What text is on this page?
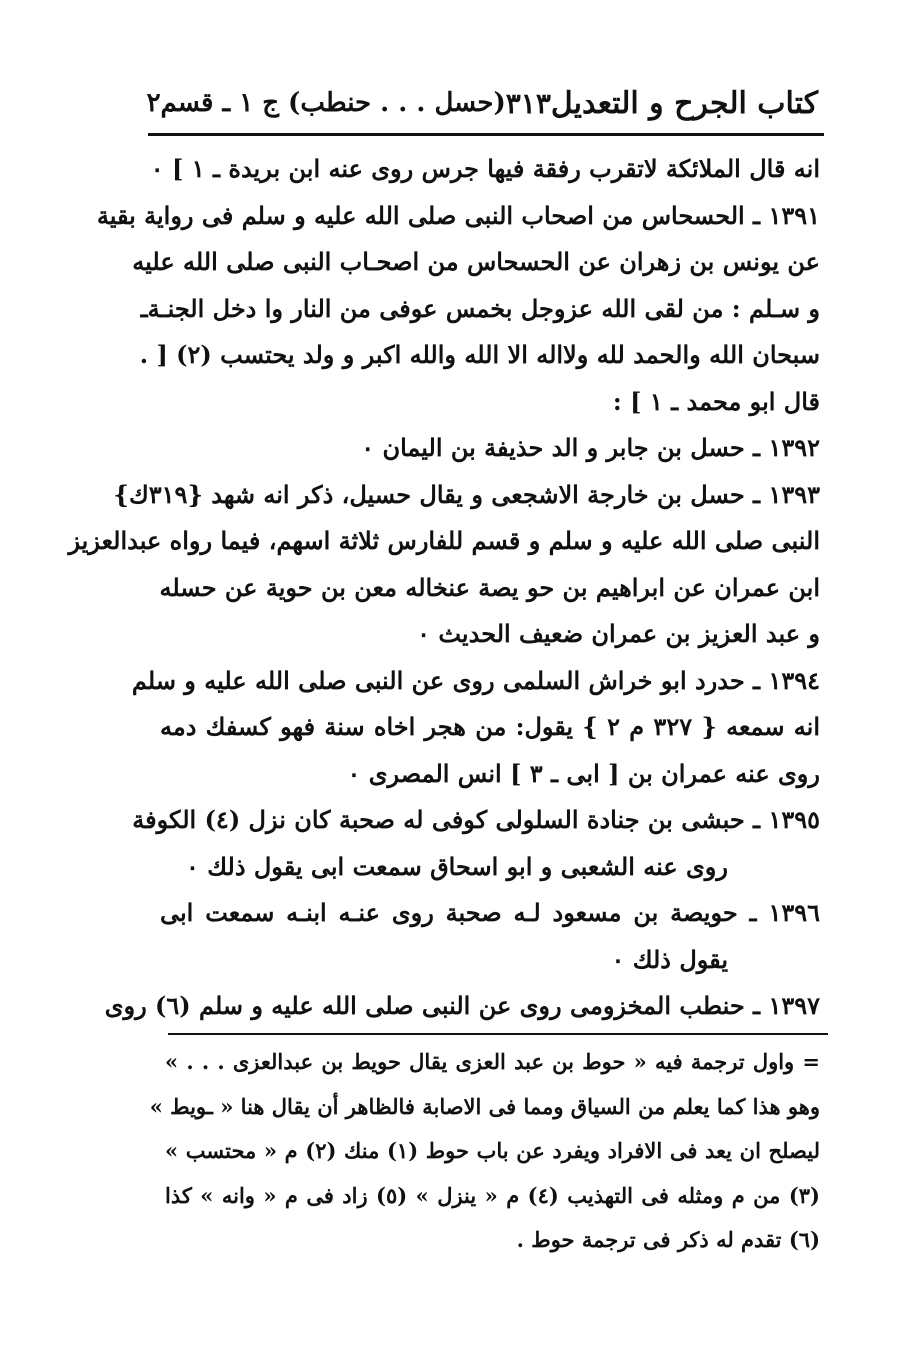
كتاب الجرح و التعديل
٣١٣
(حسل . . . حنطب) ج ١ ـ قسم٢
انه قال الملائكة لاتقرب رفقة فيها جرس روى عنه ابن بريدة ـ ١ ] ٠
١٣٩١ ـ الحسحاس من اصحاب النبى صلى الله عليه و سلم فى رواية بقية
عن يونس بن زهران عن الحسحاس من اصحـاب النبى صلى الله عليه
و سـلم : من لقى الله عزوجل بخمس عوفى من النار وا دخل الجنـةـ
سبحان الله والحمد لله ولااله الا الله والله اكبر و ولد يحتسب (٢) [ .
قال ابو محمد ـ ١ ] :
١٣٩٢ ـ حسل بن جابر و الد حذيفة بن اليمان ٠
١٣٩٣ ـ حسل بن خارجة الاشجعى و يقال حسيل، ذكر انه شهد {٣١٩ك}
النبى صلى الله عليه و سلم و قسم للفارس ثلاثة اسهم، فيما رواه عبدالعزيز
ابن عمران عن ابراهيم بن حو يصة عنخاله معن بن حوية عن حسله
و عبد العزيز بن عمران ضعيف الحديث ٠
١٣٩٤ ـ حدرد ابو خراش السلمى روى عن النبى صلى الله عليه و سلم
انه سمعه { ٣٢٧ م ٢ } يقول: من هجر اخاه سنة فهو كسفك دمه
روى عنه عمران بن [ ابى ـ ٣ ] انس المصرى ٠
١٣٩٥ ـ حبشى بن جنادة السلولى كوفى له صحبة كان نزل (٤) الكوفة
روى عنه الشعبى و ابو اسحاق سمعت ابى يقول ذلك ٠
١٣٩٦ ـ حويصة بن مسعود لـه صحبة روى عنـه ابنـه سمعت ابى
يقول ذلك ٠
١٣٩٧ ـ حنطب المخزومى روى عن النبى صلى الله عليه و سلم (٦) روى
= واول ترجمة فيه « حوط بن عبد العزى يقال حويط بن عبدالعزى . . . »
وهو هذا كما يعلم من السياق ومما فى الاصابة فالظاهر أن يقال هنا « ـويط »
ليصلح ان يعد فى الافراد ويفرد عن باب حوط (١) منك (٢) م « محتسب »
(٣) من م ومثله فى التهذيب (٤) م « ينزل » (٥) زاد فى م « وانه » كذا
(٦) تقدم له ذكر فى ترجمة حوط .
